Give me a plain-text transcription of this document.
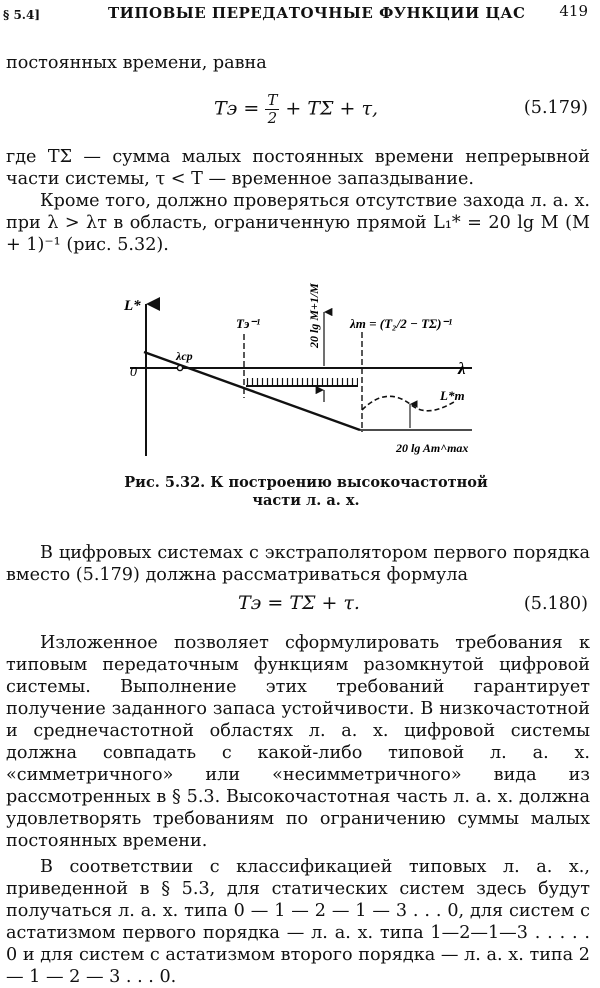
§ 5.4]	ТИПОВЫЕ ПЕРЕДАТОЧНЫЕ ФУНКЦИИ ЦАС 419

постоянных времени, равна

Tэ = $\frac{T}{2} + T\Sigma + \tau$,	(5.179)

где TΣ — сумма малых постоянных времени непрерывной части системы, τ < T — временное запаздывание.

Кроме того, должно проверяться отсутствие захода л. а. х. при λ > λт в область, ограниченную прямой L₁* = 20 lg M (M + 1)⁻¹ (рис. 5.32).

L*
0	λ
λср
Tэ⁻¹	20 lg M+1/M λт = (T₂/2 − TΣ)⁻¹
L*т
20 lg Aт^max
Рис. 5.32. К построению высокочастотной
части л. а. х.

В цифровых системах с экстраполятором первого порядка вместо (5.179) должна рассматриваться формула

Tэ = TΣ + τ.	(5.180)

Изложенное позволяет сформулировать требования к типовым передаточным функциям разомкнутой цифровой системы. Выполнение этих требований гарантирует получение заданного запаса устойчивости. В низкочастотной и среднечастотной областях л. а. х. цифровой системы должна совпадать с какой-либо типовой л. а. х. «симметричного» или «несимметричного» вида из рассмотренных в § 5.3. Высокочастотная часть л. а. х. должна удовлетворять требованиям по ограничению суммы малых постоянных времени.

В соответствии с классификацией типовых л. а. х., приведенной в § 5.3, для статических систем здесь будут получаться л. а. х. типа 0 — 1 — 2 — 1 — 3 . . . 0, для систем с астатизмом первого порядка — л. а. х. типа 1—2—1—3 . . . . . 0 и для систем с астатизмом второго порядка — л. а. х. типа 2 — 1 — 2 — 3 . . . 0.
